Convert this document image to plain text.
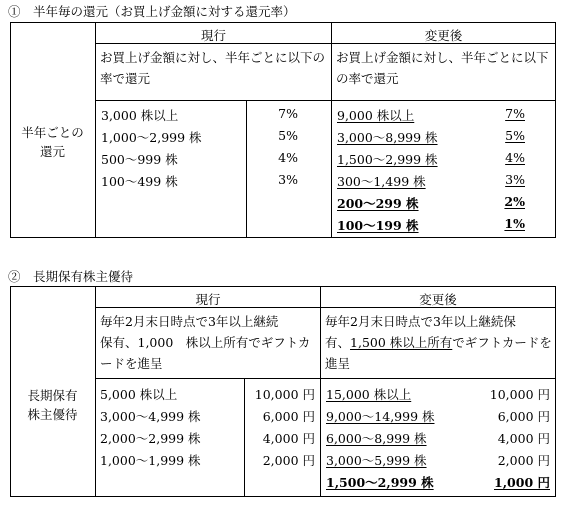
①　半年毎の還元（お買上げ金額に対する還元率）
現行	変更後
半年ごとの
還元
お買上げ金額に対し、半年ごとに以下の率で還元
お買上げ金額に対し、半年ごとに以下の率で還元
3,000 株以上	7%
1,000～2,999 株	5%
500～999 株	4%
100～499 株	3%
9,000 株以上	7%
3,000～8,999 株	5%
1,500～2,999 株	4%
300～1,499 株	3%
200～299 株	2%
100～199 株	1%
②　長期保有株主優待
現行	変更後
長期保有
株主優待
毎年2月末日時点で3年以上継続
保有、1,000　株以上所有でギフトカ
ードを進呈
毎年2月末日時点で3年以上継続保
有、1,500 株以上所有でギフトカードを
進呈
5,000 株以上	10,000 円
3,000～4,999 株	6,000 円
2,000～2,999 株	4,000 円
1,000～1,999 株	2,000 円
15,000 株以上	10,000 円
9,000～14,999 株	6,000 円
6,000～8,999 株	4,000 円
3,000～5,999 株	2,000 円
1,500～2,999 株	1,000 円
